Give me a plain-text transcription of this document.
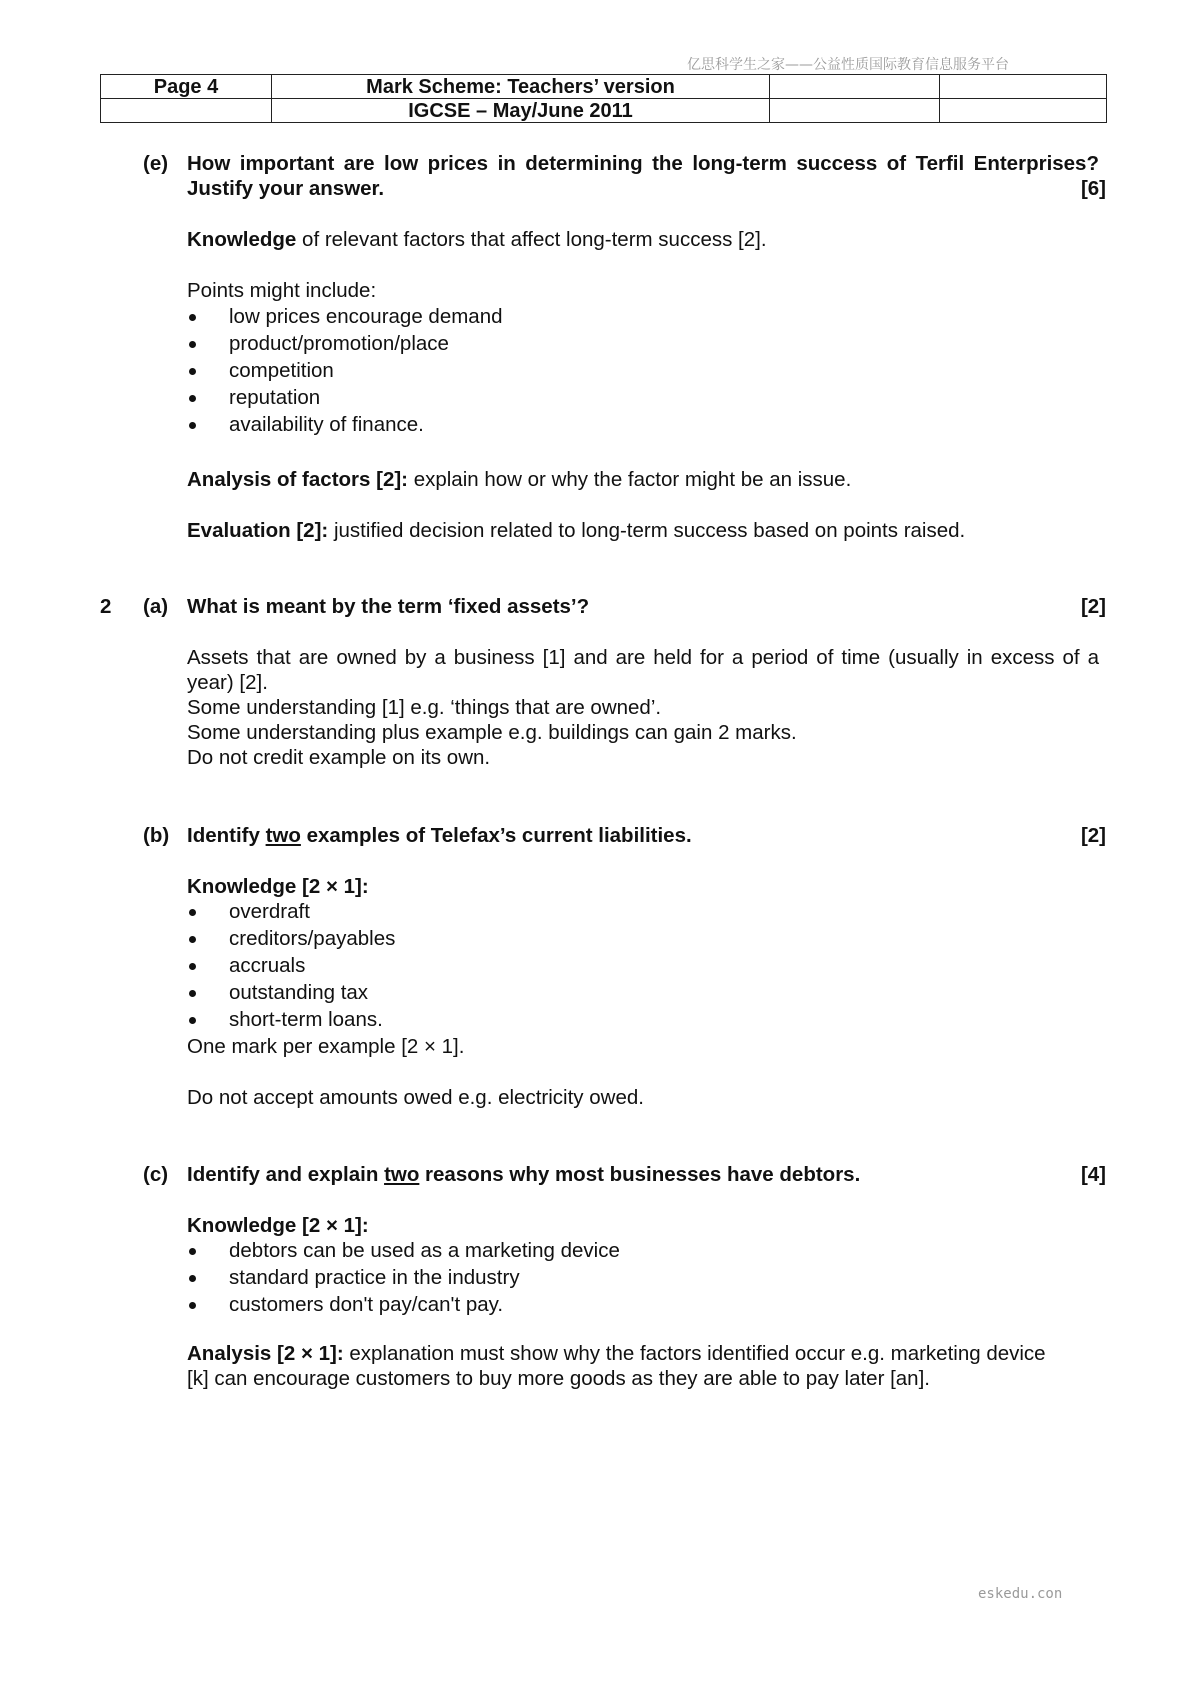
亿思科学生之家——公益性质国际教育信息服务平台
Page 4	Mark Scheme: Teachers’ version		
	IGCSE – May/June 2011		
(e) How important are low prices in determining the long-term success of Terfil Enterprises? Justify your answer.	[6]
Knowledge of relevant factors that affect long-term success [2].
Points might include:
low prices encourage demand
product/promotion/place
competition
reputation
availability of finance.
Analysis of factors [2]: explain how or why the factor might be an issue.
Evaluation [2]: justified decision related to long-term success based on points raised.
2 (a) What is meant by the term ‘fixed assets’?	[2]
Assets that are owned by a business [1] and are held for a period of time (usually in excess of a year) [2].
Some understanding [1] e.g. ‘things that are owned’.
Some understanding plus example e.g. buildings can gain 2 marks.
Do not credit example on its own.
(b) Identify two examples of Telefax’s current liabilities.	[2]
Knowledge [2 × 1]:
overdraft
creditors/payables
accruals
outstanding tax
short-term loans.
One mark per example [2 × 1].
Do not accept amounts owed e.g. electricity owed.
(c) Identify and explain two reasons why most businesses have debtors.	[4]
Knowledge [2 × 1]:
debtors can be used as a marketing device
standard practice in the industry
customers don't pay/can't pay.
Analysis [2 × 1]: explanation must show why the factors identified occur e.g. marketing device [k] can encourage customers to buy more goods as they are able to pay later [an].
eskedu.con
